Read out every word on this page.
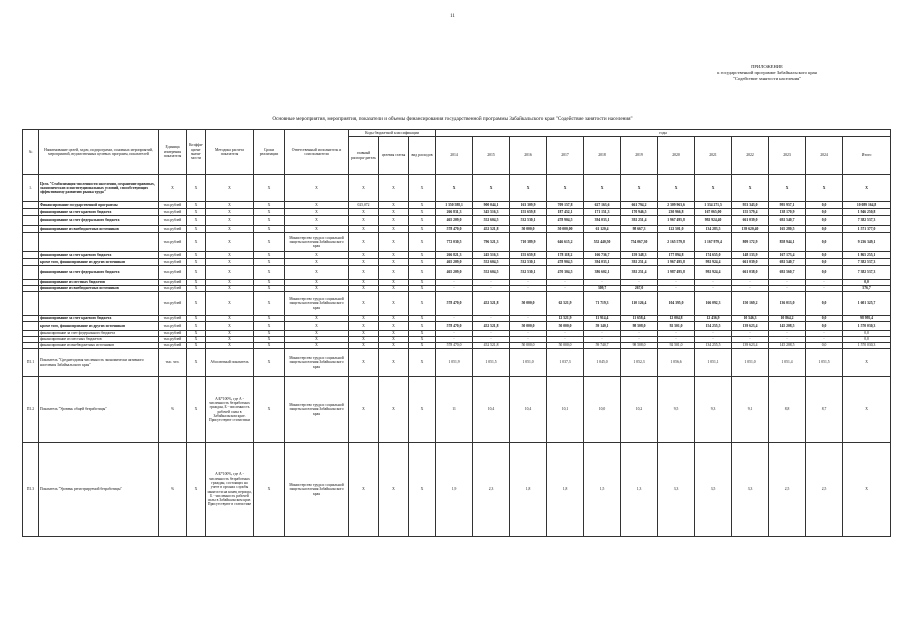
11
ПРИЛОЖЕНИЕ
к государственной программе Забайкальского края
"Содействие занятости населения"
Основные мероприятия, мероприятия, показатели и объемы финансирования государственной программы Забайкальского края "Содействие занятости населения"
№	Наименование целей, задач, подпрограмм, основных мероприятий, мероприятий, ведомственных целевых программ, показателей	Единица измерения показателя	Коэффи-циент значи-мости	Методика расчета показателя	Сроки реализации	Ответственный исполнитель и соисполнители	Коды бюджетной классификации			годы											
							главный распоря-дитель	целевая статья	вид расходов	2014	2015	2016	2017	2018	2019	2020	2021	2022	2023	2024	Итого
1.	Цель "Стабилизация численности населения, сохранение правовых, экономических и институциональных условий, способствующих эффективному развитию рынка труда"	X	X	X	X	X	X	X	X	X	X	X	X	X	X	X	X	X	X	X	X
	Финансирование государственной программы	тыс.рублей	X	X	X	X	025,072	X	X	1 350 588,1	900 044,1	163 309,9	709 157,8	627 163,6	661 794,2	2 309 963,6	1 334 271,5	953 343,0	995 957,1	0,0	10 089 164,8
	финансирование за счет краевого бюджета	тыс.рублей	X	X	X	X	X	X	X	266 831,3	345 516,3	155 659,8	187 452,1	171 151,3	170 946,5	230 966,8	167 065,00	155 579,4	138 170,9	0,0	1 946 250,8
	финансирование за счет федерального бюджета	тыс.рублей	X	X	X	X	X	X	X	465 209,0	552 604,5	532 530,1	478 904,5	394 033,1	392 251,4	1 967 495,8	992 924,40	661 039,0	692 540,7	0,0	7 382 537,3
	финансирование из внебюджетных источников	тыс.рублей	X	X	X	X	X	X	X	578 470,0	452 521,8	50 000,0	50 000,00	61 120,4	98 667,3	122 501,0	134 283,5	139 620,40	165 280,5	0,0	1 571 377,0
		тыс.рублей	X	X	X	Министерство труда и социальной защиты населения Забайкальского края	X	X	X	772 030,5	796 521,3	710 389,9	646 615,2	552 440,50	754 067,30	2 165 579,8	1 167 979,4	809 172,9	858 944,1	0,0	9 236 349,1
	финансирование за счет краевого бюджета	тыс.рублей	X	X	X	X	X	X	X	266 821,3	245 516,3	155 659,8	178 118,2	166 736,7	159 348,3	177 894,8	174 655,0	148 133,9	167 173,4	0,0	1 865 255,1
	кроме того, финансирование из других источников	тыс.рублей	X	X	X	X	X	X	X	465 209,0	552 604,5	532 530,1	478 904,5	394 033,1	392 251,4	1 967 495,8	992 924,4	661 039,0	692 540,7	0,0	7 382 537,3
	финансирование за счет федерального бюджета	тыс.рублей	X	X	X	X	X	X	X	465 209,0	552 604,5	532 530,1	470 304,5	386 602,1	392 251,4	1 987 495,8	992 924,4	661 038,0	692 560,7	0,0	7 382 537,3
	финансирование из местных бюджетов	тыс.рублей	X	X	X	X	X	X	X	-	-	-	-	-	-	-	-	-	-	-	0,0
	финансирование из внебюджетных источников	тыс.рублей	X	X	X	X	X	X	X	-	-	-	-	309,7	267,0	-	-	-	-	-	576,7
		тыс.рублей	X	X	X	Министерство труда и социальной защиты населения Забайкальского края	X	X	X	578 470,0	452 521,8	50 000,0	62 521,9	71 719,3	110 126,4	104 395,0	166 092,3	150 169,2	136 013,0	0,0	1 601 325,7
	финансирование за счет краевого бюджета	тыс.рублей	X	X	X	X	X	X	X	-	-	-	12 521,9	11 914,4	11 658,4	12 004,8	12 436,9	10 546,3	10 864,2	0,0	98 995,4
	кроме того, финансирование из других источников	тыс.рублей	X	X	X	X	X	X	X	578 470,0	452 521,8	50 000,0	50 000,0	59 140,1	98 508,0	92 501,0	154 255,5	139 623,4	145 208,5	0,0	1 570 030,3
	финансирование за счет федерального бюджета	тыс.рублей	X	X	X	X	X	X	X	-	-	-	-	-	-	-	-	-	-	-	0,0
	финансирование из местных бюджетов	тыс.рублей	X	X	X	X	X	X	X	-	-	-	-	-	-	-	-	-	-	-	0,0
	финансирование из внебюджетных источников	тыс.рублей	X	X	X	X	X	X	X	578 470,0	452 521,8	50 000,0	50 000,0	59 740,7	98 508,0	92 501,0	134 255,5	139 623,4	145 208,5	0,0	1 570 030,3
П1.1	Показатель "Среднегодовая численность экономически активного населения Забайкальского края"	тыс. чел.	X	Абсолютный показатель	X	Министерство труда и социальной защиты населения Забайкальского края	X	X	X	1 051,9	1 051,5	1 051,0	1 037,3	1 045,0	1 052,3	1 056,6	1 051,1	1 051,0	1 051,4	1 051,5	X
П1.2	Показатель "Уровень общей безработицы"	%	X	А/Б*100%, где А - численность безработных граждан, Б - численность рабочей силы в Забайкальском крае. Присутствуют статистики	X	Министерство труда и социальной защиты населения Забайкальского края	X	X	X	11	10,4	10,4	10,1	10,0	10,2	9,5	9,3	9,1	8,8	8,7	X
П1.3	Показатель "Уровень регистрируемой безработицы"	%	X	А/Б*100%, где А - численность безработных граждан, состоящих на учете в органах службы занятости на конец периода, Б - численность рабочей силы в Забайкальском крае. Присутствуют в статистике	X	Министерство труда и социальной защиты населения Забайкальского края	X	X	X	1,9	2,3	1,8	1,8	1,5	1,3	3,3	3,5	3,3	2,5	2,5	X
